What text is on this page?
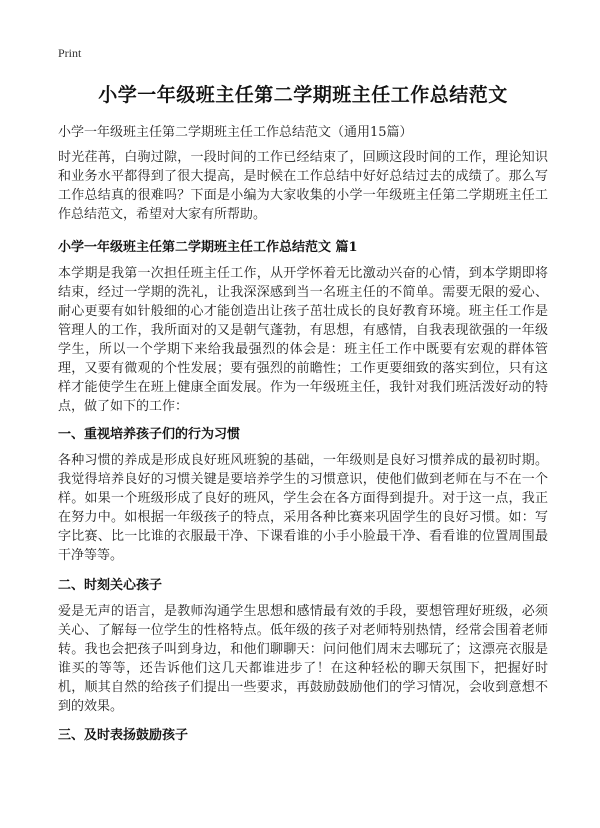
Print
小学一年级班主任第二学期班主任工作总结范文
小学一年级班主任第二学期班主任工作总结范文（通用15篇）

时光荏苒，白驹过隙，一段时间的工作已经结束了，回顾这段时间的工作，理论知识和业务水平都得到了很大提高，是时候在工作总结中好好总结过去的成绩了。那么写工作总结真的很难吗？下面是小编为大家收集的小学一年级班主任第二学期班主任工作总结范文，希望对大家有所帮助。

小学一年级班主任第二学期班主任工作总结范文 篇1

本学期是我第一次担任班主任工作，从开学怀着无比激动兴奋的心情，到本学期即将结束，经过一学期的洗礼，让我深深感到当一名班主任的不简单。需要无限的爱心、耐心更要有如针般细的心才能创造出让孩子茁壮成长的良好教育环境。班主任工作是管理人的工作，我所面对的又是朝气蓬勃，有思想，有感情，自我表现欲强的一年级学生，所以一个学期下来给我最强烈的体会是：班主任工作中既要有宏观的群体管理，又要有微观的个性发展；要有强烈的前瞻性；工作更要细致的落实到位，只有这样才能使学生在班上健康全面发展。作为一年级班主任，我针对我们班活泼好动的特点，做了如下的工作：

一、重视培养孩子们的行为习惯

各种习惯的养成是形成良好班风班貌的基础，一年级则是良好习惯养成的最初时期。我觉得培养良好的习惯关键是要培养学生的习惯意识，使他们做到老师在与不在一个样。如果一个班级形成了良好的班风，学生会在各方面得到提升。对于这一点，我正在努力中。如根据一年级孩子的特点，采用各种比赛来巩固学生的良好习惯。如：写字比赛、比一比谁的衣服最干净、下课看谁的小手小脸最干净、看看谁的位置周围最干净等等。

二、时刻关心孩子

爱是无声的语言，是教师沟通学生思想和感情最有效的手段，要想管理好班级，必须关心、了解每一位学生的性格特点。低年级的孩子对老师特别热情，经常会围着老师转。我也会把孩子叫到身边，和他们聊聊天：问问他们周末去哪玩了；这漂亮衣服是谁买的等等，还告诉他们这几天都谁进步了！在这种轻松的聊天氛围下，把握好时机，顺其自然的给孩子们提出一些要求，再鼓励鼓励他们的学习情况，会收到意想不到的效果。

三、及时表扬鼓励孩子
